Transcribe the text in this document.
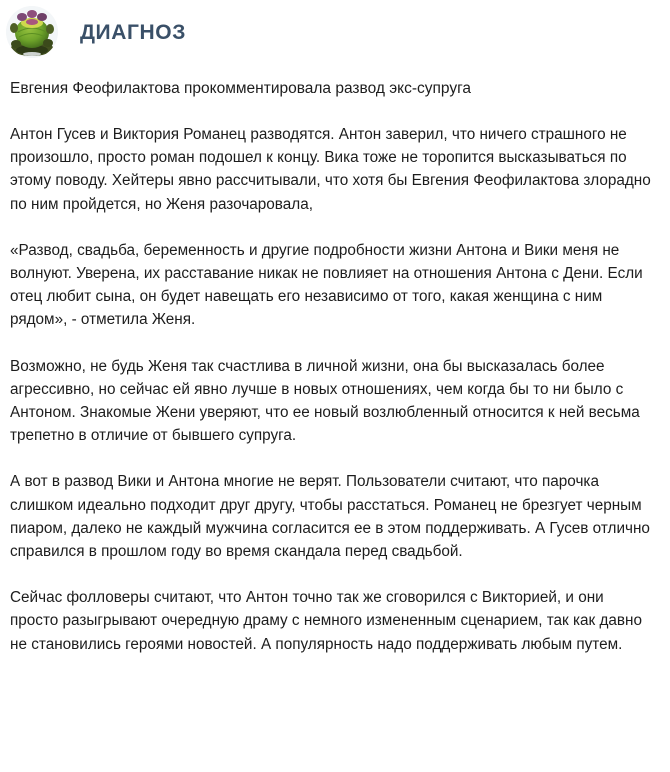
ДИАГНОЗ

Евгения Феофилактова прокомментировала развод экс-супруга

Антон Гусев и Виктория Романец разводятся. Антон заверил, что ничего страшного не произошло, просто роман подошел к концу. Вика тоже не торопится высказываться по этому поводу. Хейтеры явно рассчитывали, что хотя бы Евгения Феофилактова злорадно по ним пройдется, но Женя разочаровала,

«Развод, свадьба, беременность и другие подробности жизни Антона и Вики меня не волнуют. Уверена, их расставание никак не повлияет на отношения Антона с Дени. Если отец любит сына, он будет навещать его независимо от того, какая женщина с ним рядом», - отметила Женя.

Возможно, не будь Женя так счастлива в личной жизни, она бы высказалась более агрессивно, но сейчас ей явно лучше в новых отношениях, чем когда бы то ни было с Антоном. Знакомые Жени уверяют, что ее новый возлюбленный относится к ней весьма трепетно в отличие от бывшего супруга.

А вот в развод Вики и Антона многие не верят. Пользователи считают, что парочка слишком идеально подходит друг другу, чтобы расстаться. Романец не брезгует черным пиаром, далеко не каждый мужчина согласится ее в этом поддерживать. А Гусев отлично справился в прошлом году во время скандала перед свадьбой.

Сейчас фолловеры считают, что Антон точно так же сговорился с Викторией, и они просто разыгрывают очередную драму с немного измененным сценарием, так как давно не становились героями новостей. А популярность надо поддерживать любым путем.
